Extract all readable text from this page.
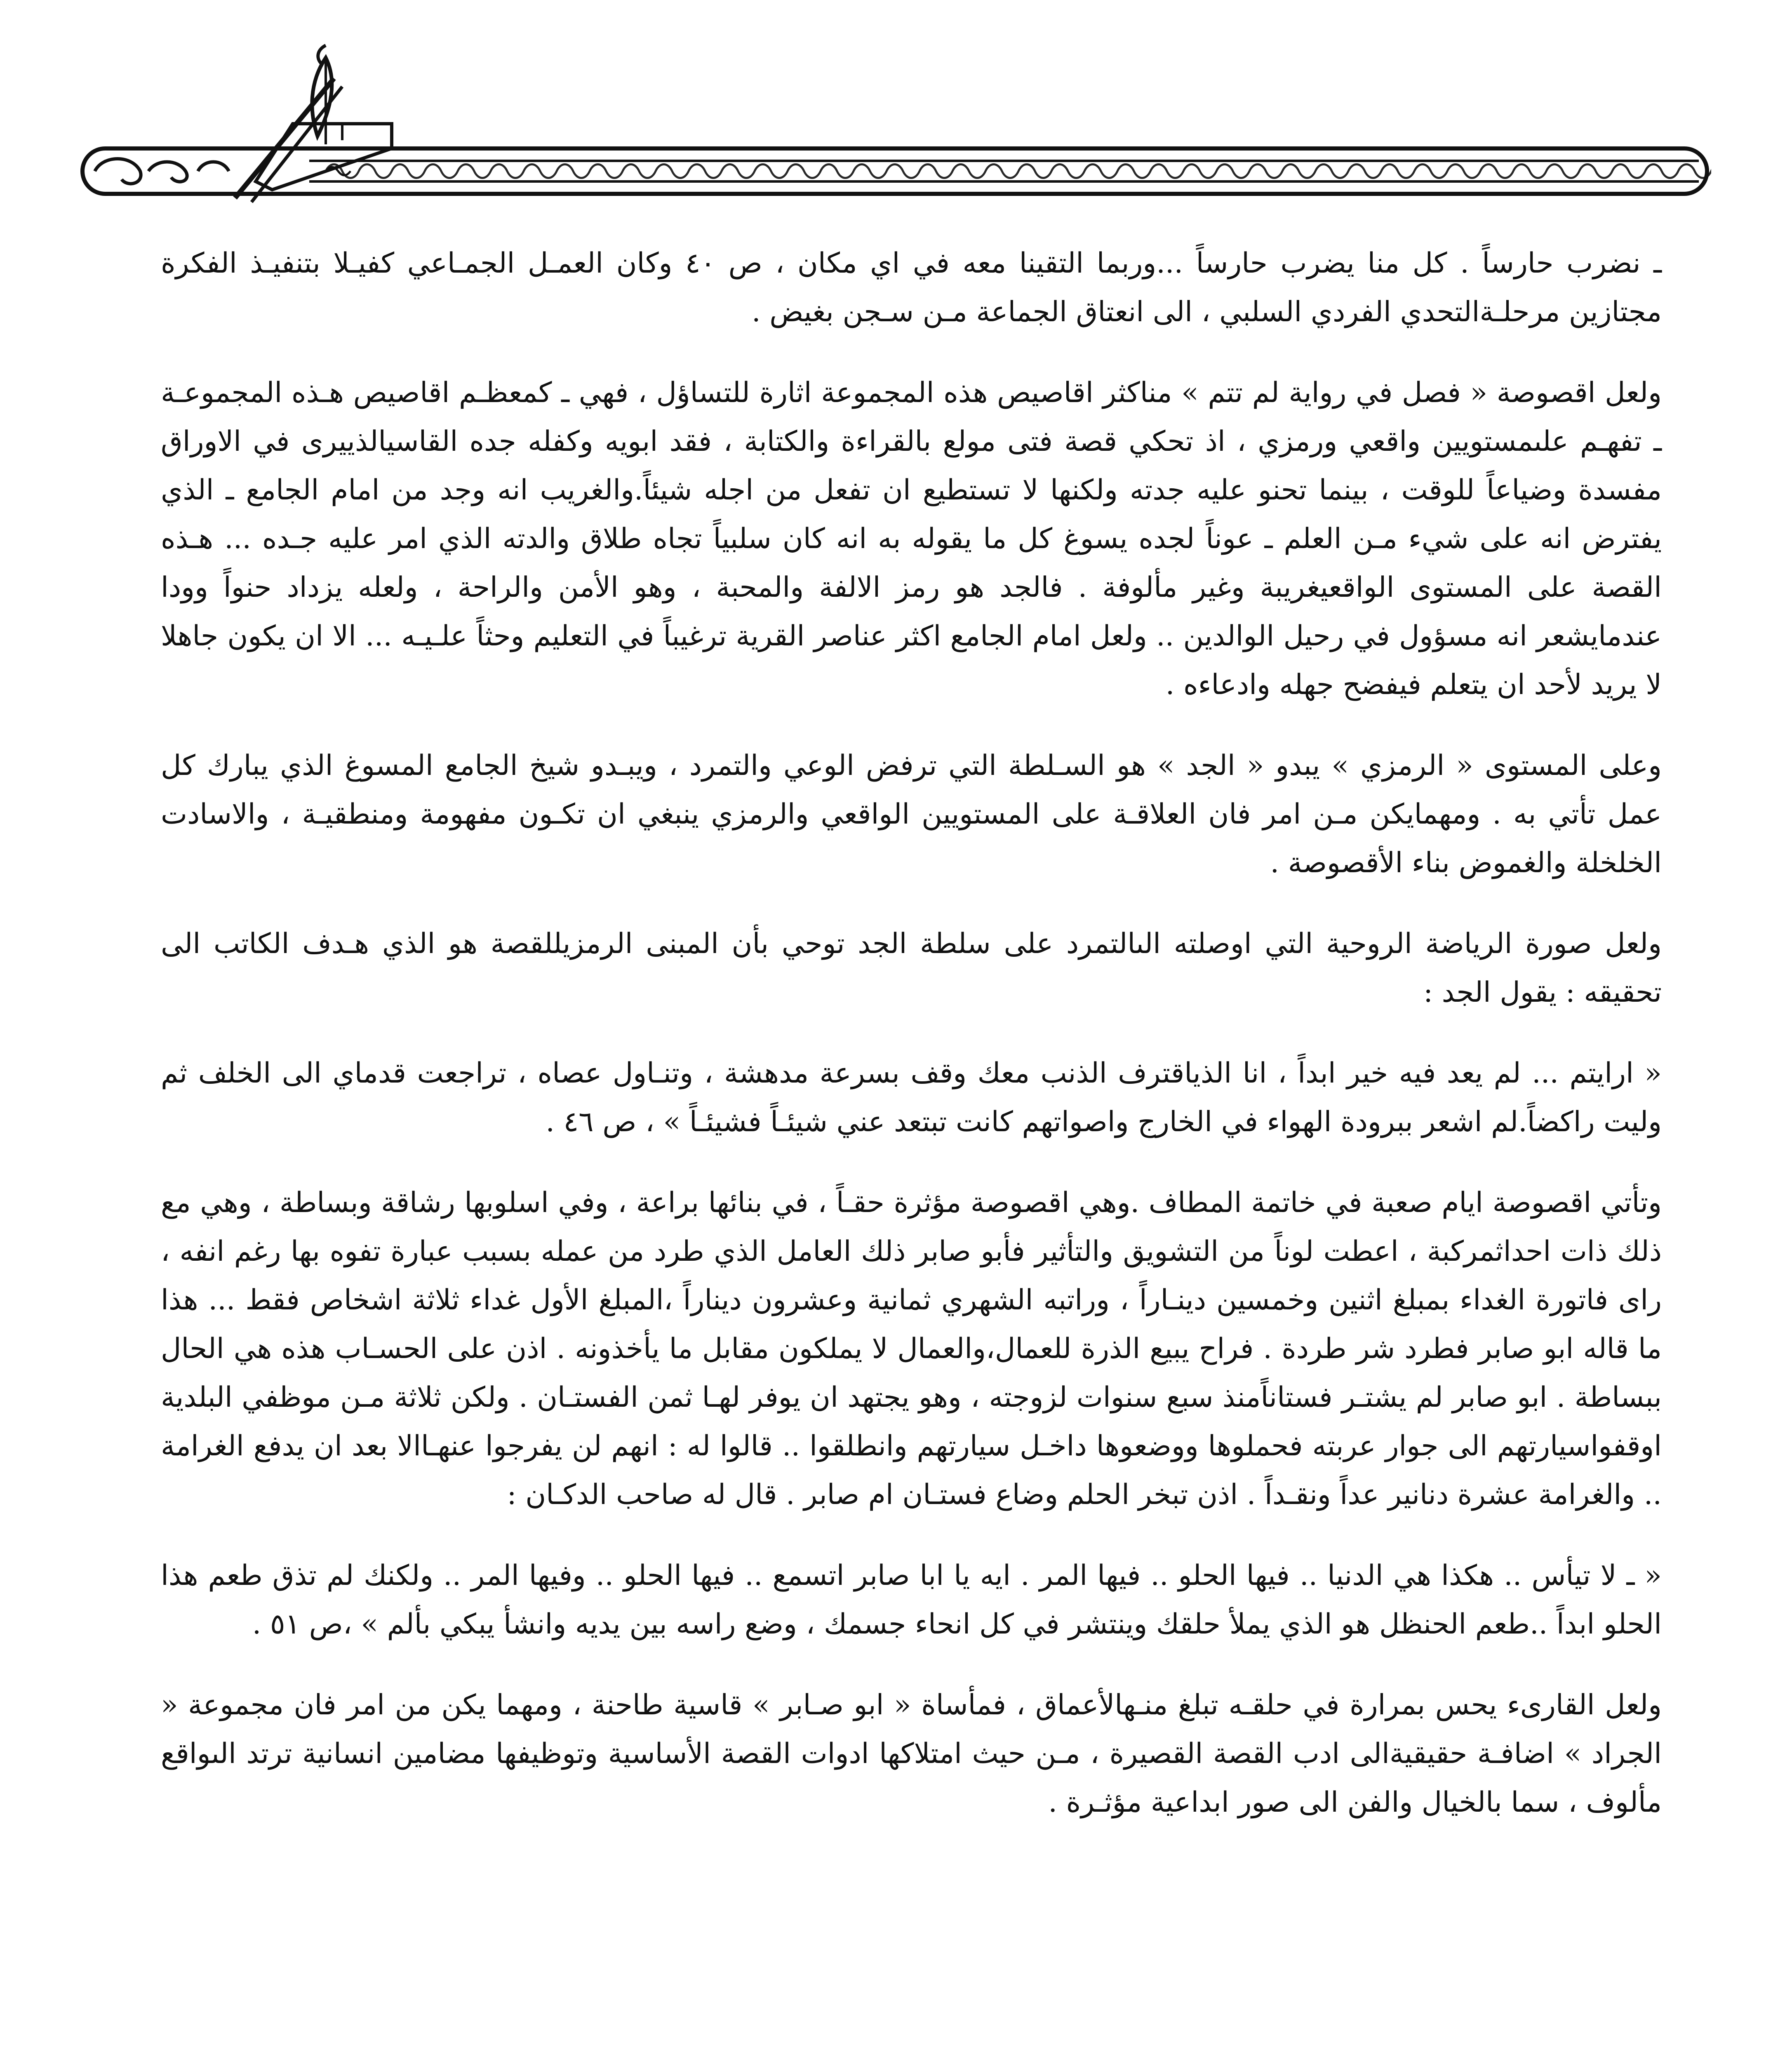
ـ نضرب حارساً . كل منا يضرب حارساً ...وربما التقينا معه في اي مكان ، ص ٤٠ وكان العمـل الجمـاعي كفيـلا بتنفيـذ الفكرة مجتازين مرحلـةالتحدي الفردي السلبي ، الى انعتاق الجماعة مـن سـجن بغيض .

ولعل اقصوصة « فصل في رواية لم تتم » مناكثر اقاصيص هذه المجموعة اثارة للتساؤل ، فهي ـ كمعظـم اقاصيص هـذه المجموعـة ـ تفهـم علىمستويين واقعي ورمزي ، اذ تحكي قصة فتى مولع بالقراءة والكتابة ، فقد ابويه وكفله جده القاسيالذييرى في الاوراق مفسدة وضياعاً للوقت ، بينما تحنو عليه جدته ولكنها لا تستطيع ان تفعل من اجله شيئاً.والغريب انه وجد من امام الجامع ـ الذي يفترض انه على شيء مـن العلم ـ عوناً لجده يسوغ كل ما يقوله به انه كان سلبياً تجاه طلاق والدته الذي امر عليه جـده ... هـذه القصة على المستوى الواقعيغريبة وغير مألوفة . فالجد هو رمز الالفة والمحبة ، وهو الأمن والراحة ، ولعله يزداد حنواً وودا عندمايشعر انه مسؤول في رحيل الوالدين .. ولعل امام الجامع اكثر عناصر القرية ترغيباً في التعليم وحثاً علـيـه ... الا ان يكون جاهلا لا يريد لأحد ان يتعلم فيفضح جهله وادعاءه .

وعلى المستوى « الرمزي » يبدو « الجد » هو السـلطة التي ترفض الوعي والتمرد ، ويبـدو شيخ الجامع المسوغ الذي يبارك كل عمل تأتي به . ومهمايكن مـن امر فان العلاقـة على المستويين الواقعي والرمزي ينبغي ان تكـون مفهومة ومنطقيـة ، والاسادت الخلخلة والغموض بناء الأقصوصة .

ولعل صورة الرياضة الروحية التي اوصلته الىالتمرد على سلطة الجد توحي بأن المبنى الرمزيللقصة هو الذي هـدف الكاتب الى تحقيقه : يقول الجد :

« ارايتم ... لم يعد فيه خير ابداً ، انا الذياقترف الذنب معك وقف بسرعة مدهشة ، وتنـاول عصاه ، تراجعت قدماي الى الخلف ثم وليت راكضاً.لم اشعر ببرودة الهواء في الخارج واصواتهم كانت تبتعد عني شيئـاً فشيئـاً » ، ص ٤٦ .

وتأتي اقصوصة ايام صعبة في خاتمة المطاف .وهي اقصوصة مؤثرة حقـاً ، في بنائها براعة ، وفي اسلوبها رشاقة وبساطة ، وهي مع ذلك ذات احداثمركبة ، اعطت لوناً من التشويق والتأثير فأبو صابر ذلك العامل الذي طرد من عمله بسبب عبارة تفوه بها رغم انفه ، راى فاتورة الغداء بمبلغ اثنين وخمسين دينـاراً ، وراتبه الشهري ثمانية وعشرون ديناراً ،المبلغ الأول غداء ثلاثة اشخاص فقط ... هذا ما قاله ابو صابر فطرد شر طردة . فراح يبيع الذرة للعمال،والعمال لا يملكون مقابل ما يأخذونه . اذن على الحسـاب هذه هي الحال ببساطة . ابو صابر لم يشتـر فستاناًمنذ سبع سنوات لزوجته ، وهو يجتهد ان يوفر لهـا ثمن الفستـان . ولكن ثلاثة مـن موظفي البلدية اوقفواسيارتهم الى جوار عربته فحملوها ووضعوها داخـل سيارتهم وانطلقوا .. قالوا له : انهم لن يفرجوا عنهـاالا بعد ان يدفع الغرامة .. والغرامة عشرة دنانير عداً ونقـداً . اذن تبخر الحلم وضاع فستـان ام صابر . قال له صاحب الدكـان :

« ـ لا تيأس .. هكذا هي الدنيا .. فيها الحلو .. فيها المر . ايه يا ابا صابر اتسمع .. فيها الحلو .. وفيها المر .. ولكنك لم تذق طعم هذا الحلو ابداً ..طعم الحنظل هو الذي يملأ حلقك وينتشر في كل انحاء جسمك ، وضع راسه بين يديه وانشأ يبكي بألم » ،ص ٥١ .

ولعل القارىء يحس بمرارة في حلقـه تبلغ منـهالأعماق ، فمأساة « ابو صـابر » قاسية طاحنة ، ومهما يكن من امر فان مجموعة « الجراد » اضافـة حقيقيةالى ادب القصة القصيرة ، مـن حيث امتلاكها ادوات القصة الأساسية وتوظيفها مضامين انسانية ترتد الىواقع مألوف ، سما بالخيال والفن الى صور ابداعية مؤثـرة .
